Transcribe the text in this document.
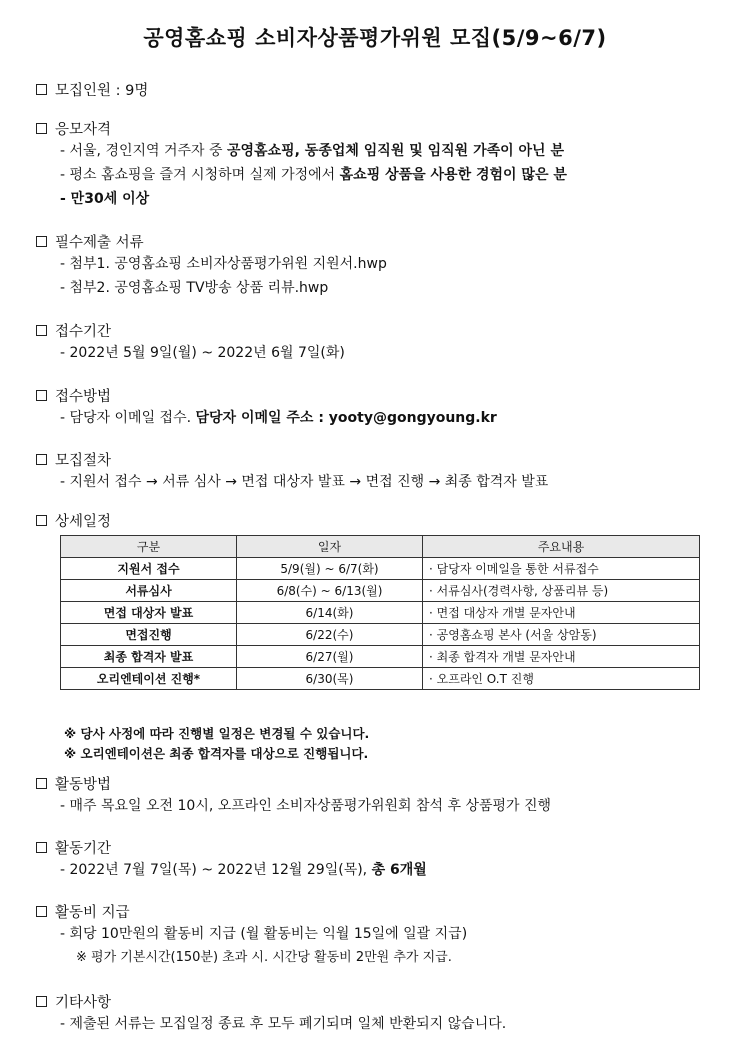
공영홈쇼핑 소비자상품평가위원 모집(5/9~6/7)
모집인원 : 9명
응모자격
- 서울, 경인지역 거주자 중 공영홈쇼핑, 동종업체 임직원 및 임직원 가족이 아닌 분
- 평소 홈쇼핑을 즐겨 시청하며 실제 가정에서 홈쇼핑 상품을 사용한 경험이 많은 분
- 만30세 이상
필수제출 서류
- 첨부1. 공영홈쇼핑 소비자상품평가위원 지원서.hwp
- 첨부2. 공영홈쇼핑 TV방송 상품 리뷰.hwp
접수기간
- 2022년 5월 9일(월) ~ 2022년 6월 7일(화)
접수방법
- 담당자 이메일 접수. 담당자 이메일 주소 : yooty@gongyoung.kr
모집절차
- 지원서 접수 → 서류 심사 → 면접 대상자 발표 → 면접 진행 → 최종 합격자 발표
상세일정
구분	일자	주요내용
지원서 접수	5/9(월) ~ 6/7(화)	· 담당자 이메일을 통한 서류접수
서류심사	6/8(수) ~ 6/13(월)	· 서류심사(경력사항, 상품리뷰 등)
면접 대상자 발표	6/14(화)	· 면접 대상자 개별 문자안내
면접진행	6/22(수)	· 공영홈쇼핑 본사 (서울 상암동)
최종 합격자 발표	6/27(월)	· 최종 합격자 개별 문자안내
오리엔테이션 진행*	6/30(목)	· 오프라인 O.T 진행
※ 당사 사정에 따라 진행별 일정은 변경될 수 있습니다.
※ 오리엔테이션은 최종 합격자를 대상으로 진행됩니다.
활동방법
- 매주 목요일 오전 10시, 오프라인 소비자상품평가위원회 참석 후 상품평가 진행
활동기간
- 2022년 7월 7일(목) ~ 2022년 12월 29일(목), 총 6개월
활동비 지급
- 회당 10만원의 활동비 지급 (월 활동비는 익월 15일에 일괄 지급)
※ 평가 기본시간(150분) 초과 시. 시간당 활동비 2만원 추가 지급.
기타사항
- 제출된 서류는 모집일정 종료 후 모두 폐기되며 일체 반환되지 않습니다.
